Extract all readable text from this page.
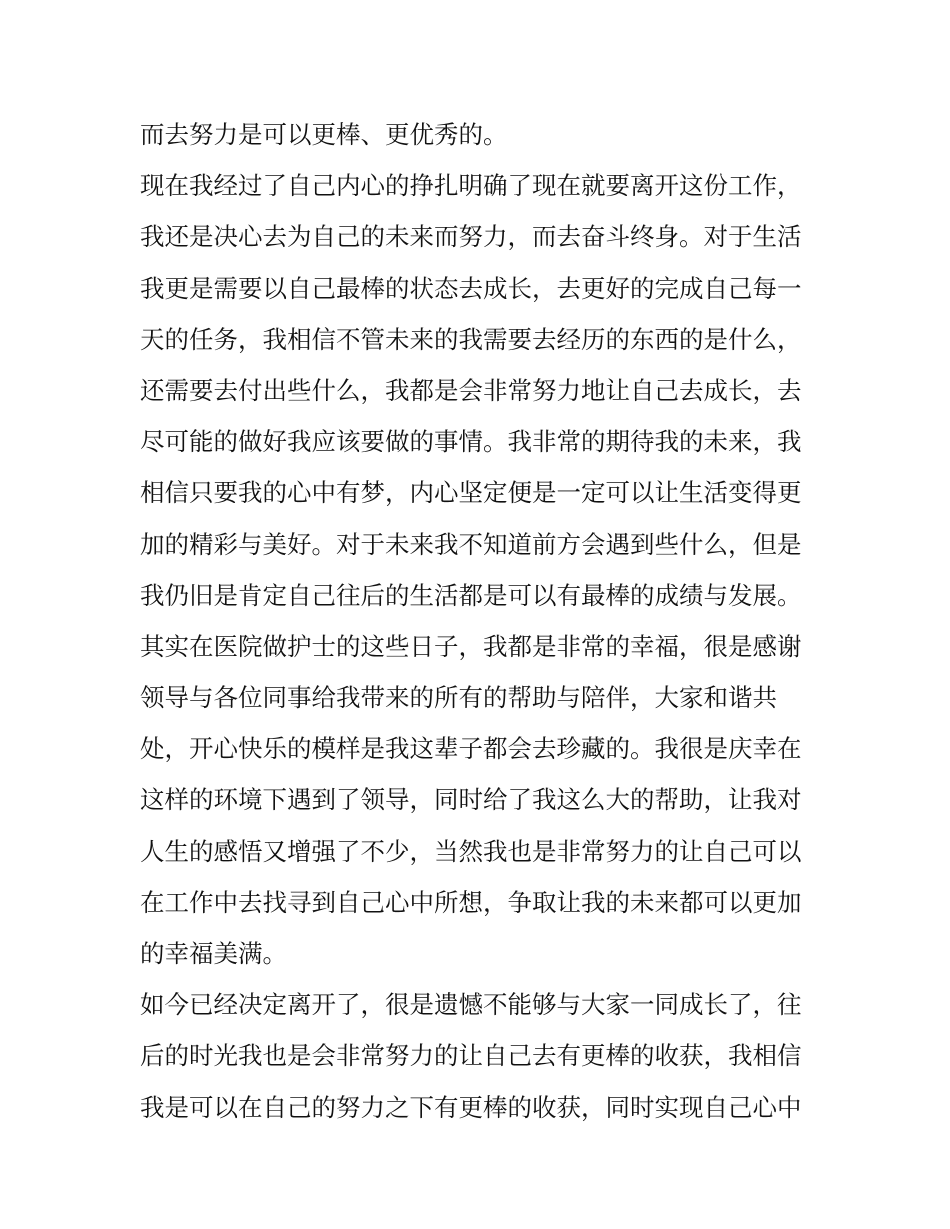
而去努力是可以更棒、更优秀的。

现在我经过了自己内心的挣扎明确了现在就要离开这份工作，

我还是决心去为自己的未来而努力，而去奋斗终身。对于生活

我更是需要以自己最棒的状态去成长，去更好的完成自己每一

天的任务，我相信不管未来的我需要去经历的东西的是什么，

还需要去付出些什么，我都是会非常努力地让自己去成长，去

尽可能的做好我应该要做的事情。我非常的期待我的未来，我

相信只要我的心中有梦，内心坚定便是一定可以让生活变得更

加的精彩与美好。对于未来我不知道前方会遇到些什么，但是

我仍旧是肯定自己往后的生活都是可以有最棒的成绩与发展。

其实在医院做护士的这些日子，我都是非常的幸福，很是感谢

领导与各位同事给我带来的所有的帮助与陪伴，大家和谐共

处，开心快乐的模样是我这辈子都会去珍藏的。我很是庆幸在

这样的环境下遇到了领导，同时给了我这么大的帮助，让我对

人生的感悟又增强了不少，当然我也是非常努力的让自己可以

在工作中去找寻到自己心中所想，争取让我的未来都可以更加

的幸福美满。

如今已经决定离开了，很是遗憾不能够与大家一同成长了，往

后的时光我也是会非常努力的让自己去有更棒的收获，我相信

我是可以在自己的努力之下有更棒的收获，同时实现自己心中
